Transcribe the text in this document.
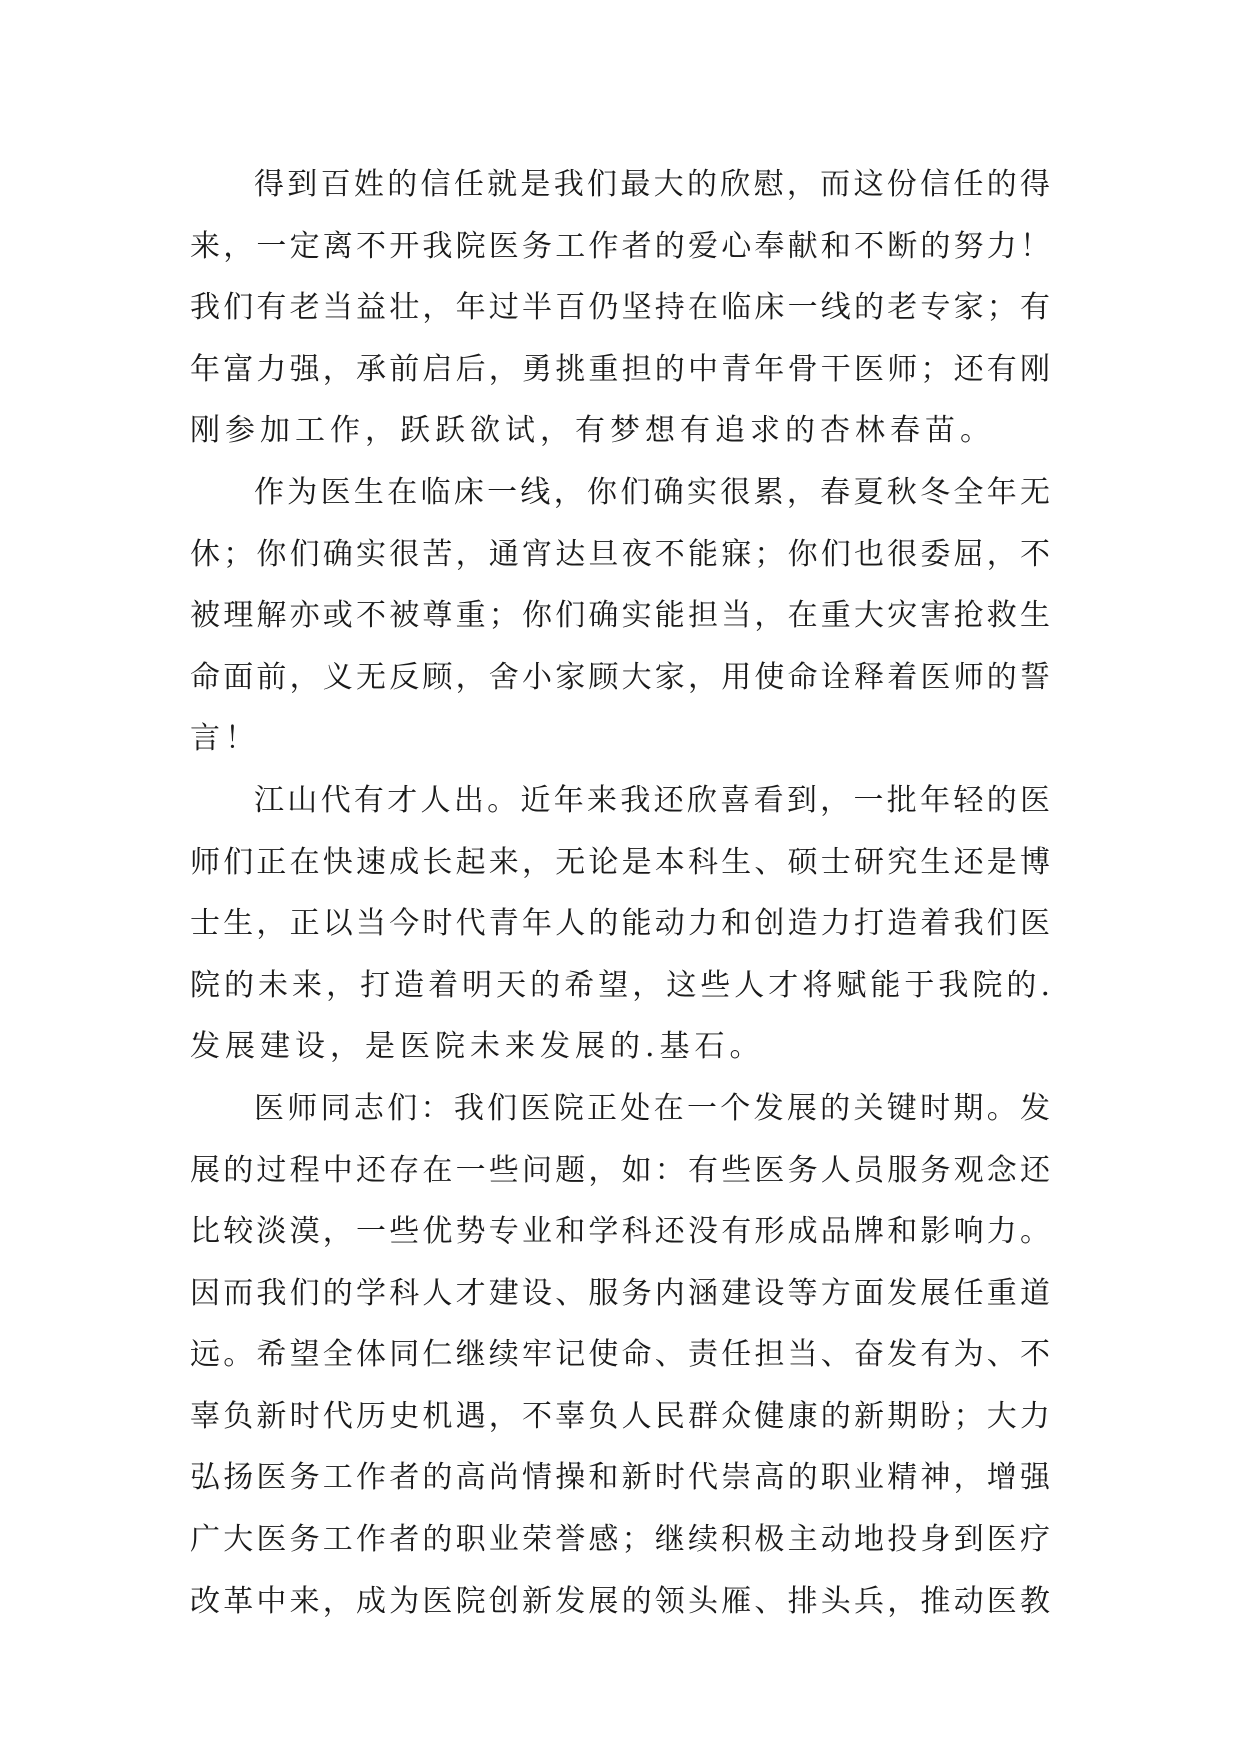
得到百姓的信任就是我们最大的欣慰，而这份信任的得
来，一定离不开我院医务工作者的爱心奉献和不断的努力！
我们有老当益壮，年过半百仍坚持在临床一线的老专家；有
年富力强，承前启后，勇挑重担的中青年骨干医师；还有刚
刚参加工作，跃跃欲试，有梦想有追求的杏林春苗。
作为医生在临床一线，你们确实很累，春夏秋冬全年无
休；你们确实很苦，通宵达旦夜不能寐；你们也很委屈，不
被理解亦或不被尊重；你们确实能担当，在重大灾害抢救生
命面前，义无反顾，舍小家顾大家，用使命诠释着医师的誓
言！
江山代有才人出。近年来我还欣喜看到，一批年轻的医
师们正在快速成长起来，无论是本科生、硕士研究生还是博
士生，正以当今时代青年人的能动力和创造力打造着我们医
院的未来，打造着明天的希望，这些人才将赋能于我院的.
发展建设，是医院未来发展的.基石。
医师同志们：我们医院正处在一个发展的关键时期。发
展的过程中还存在一些问题，如：有些医务人员服务观念还
比较淡漠，一些优势专业和学科还没有形成品牌和影响力。
因而我们的学科人才建设、服务内涵建设等方面发展任重道
远。希望全体同仁继续牢记使命、责任担当、奋发有为、不
辜负新时代历史机遇，不辜负人民群众健康的新期盼；大力
弘扬医务工作者的高尚情操和新时代崇高的职业精神，增强
广大医务工作者的职业荣誉感；继续积极主动地投身到医疗
改革中来，成为医院创新发展的领头雁、排头兵，推动医教
